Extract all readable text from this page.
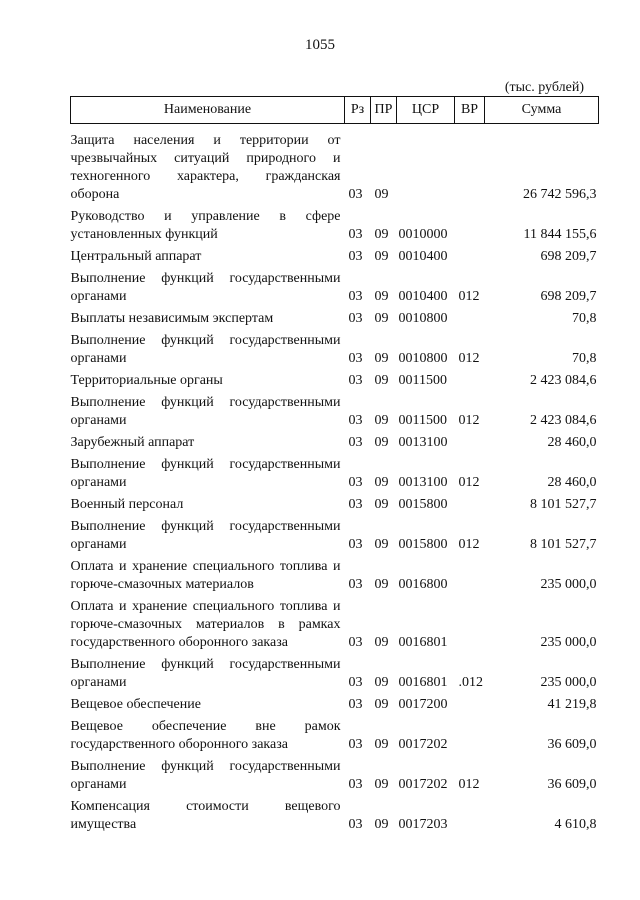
1055
(тыс. рублей)
Наименование	Рз	ПР	ЦСР	ВР	Сумма
Защита населения и территории от чрезвычайных ситуаций природного и техногенного характера, гражданская оборона	03	09			26 742 596,3
Руководство и управление в сфере установленных функций	03	09	0010000		11 844 155,6
Центральный аппарат	03	09	0010400		698 209,7
Выполнение функций государственными органами	03	09	0010400	012	698 209,7
Выплаты независимым экспертам	03	09	0010800		70,8
Выполнение функций государственными органами	03	09	0010800	012	70,8
Территориальные органы	03	09	0011500		2 423 084,6
Выполнение функций государственными органами	03	09	0011500	012	2 423 084,6
Зарубежный аппарат	03	09	0013100		28 460,0
Выполнение функций государственными органами	03	09	0013100	012	28 460,0
Военный персонал	03	09	0015800		8 101 527,7
Выполнение функций государственными органами	03	09	0015800	012	8 101 527,7
Оплата и хранение специального топлива и горюче-смазочных материалов	03	09	0016800		235 000,0
Оплата и хранение специального топлива и горюче-смазочных материалов в рамках государственного оборонного заказа	03	09	0016801		235 000,0
Выполнение функций государственными органами	03	09	0016801	.012	235 000,0
Вещевое обеспечение	03	09	0017200		41 219,8
Вещевое обеспечение вне рамок государственного оборонного заказа	03	09	0017202		36 609,0
Выполнение функций государственными органами	03	09	0017202	012	36 609,0
Компенсация стоимости вещевого имущества	03	09	0017203		4 610,8
